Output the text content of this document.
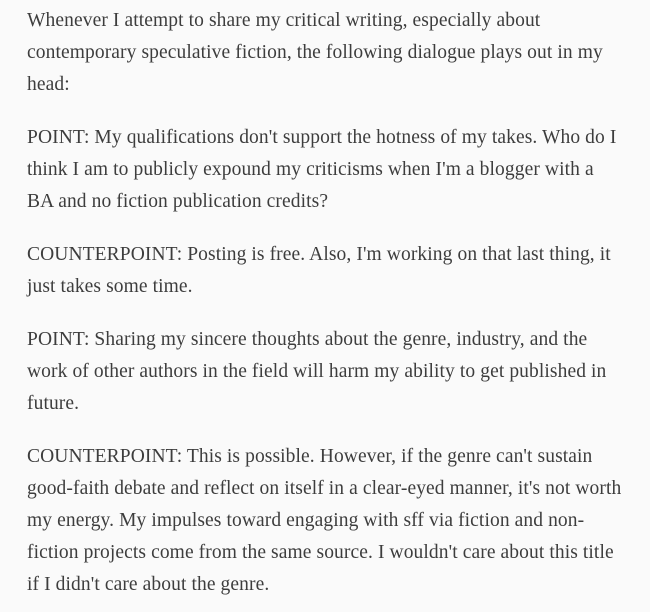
Whenever I attempt to share my critical writing, especially about contemporary speculative fiction, the following dialogue plays out in my head:

POINT: My qualifications don't support the hotness of my takes. Who do I think I am to publicly expound my criticisms when I'm a blogger with a BA and no fiction publication credits?

COUNTERPOINT: Posting is free. Also, I'm working on that last thing, it just takes some time.

POINT: Sharing my sincere thoughts about the genre, industry, and the work of other authors in the field will harm my ability to get published in future.

COUNTERPOINT: This is possible. However, if the genre can't sustain good-faith debate and reflect on itself in a clear-eyed manner, it's not worth my energy. My impulses toward engaging with sff via fiction and non-fiction projects come from the same source. I wouldn't care about this title if I didn't care about the genre.
